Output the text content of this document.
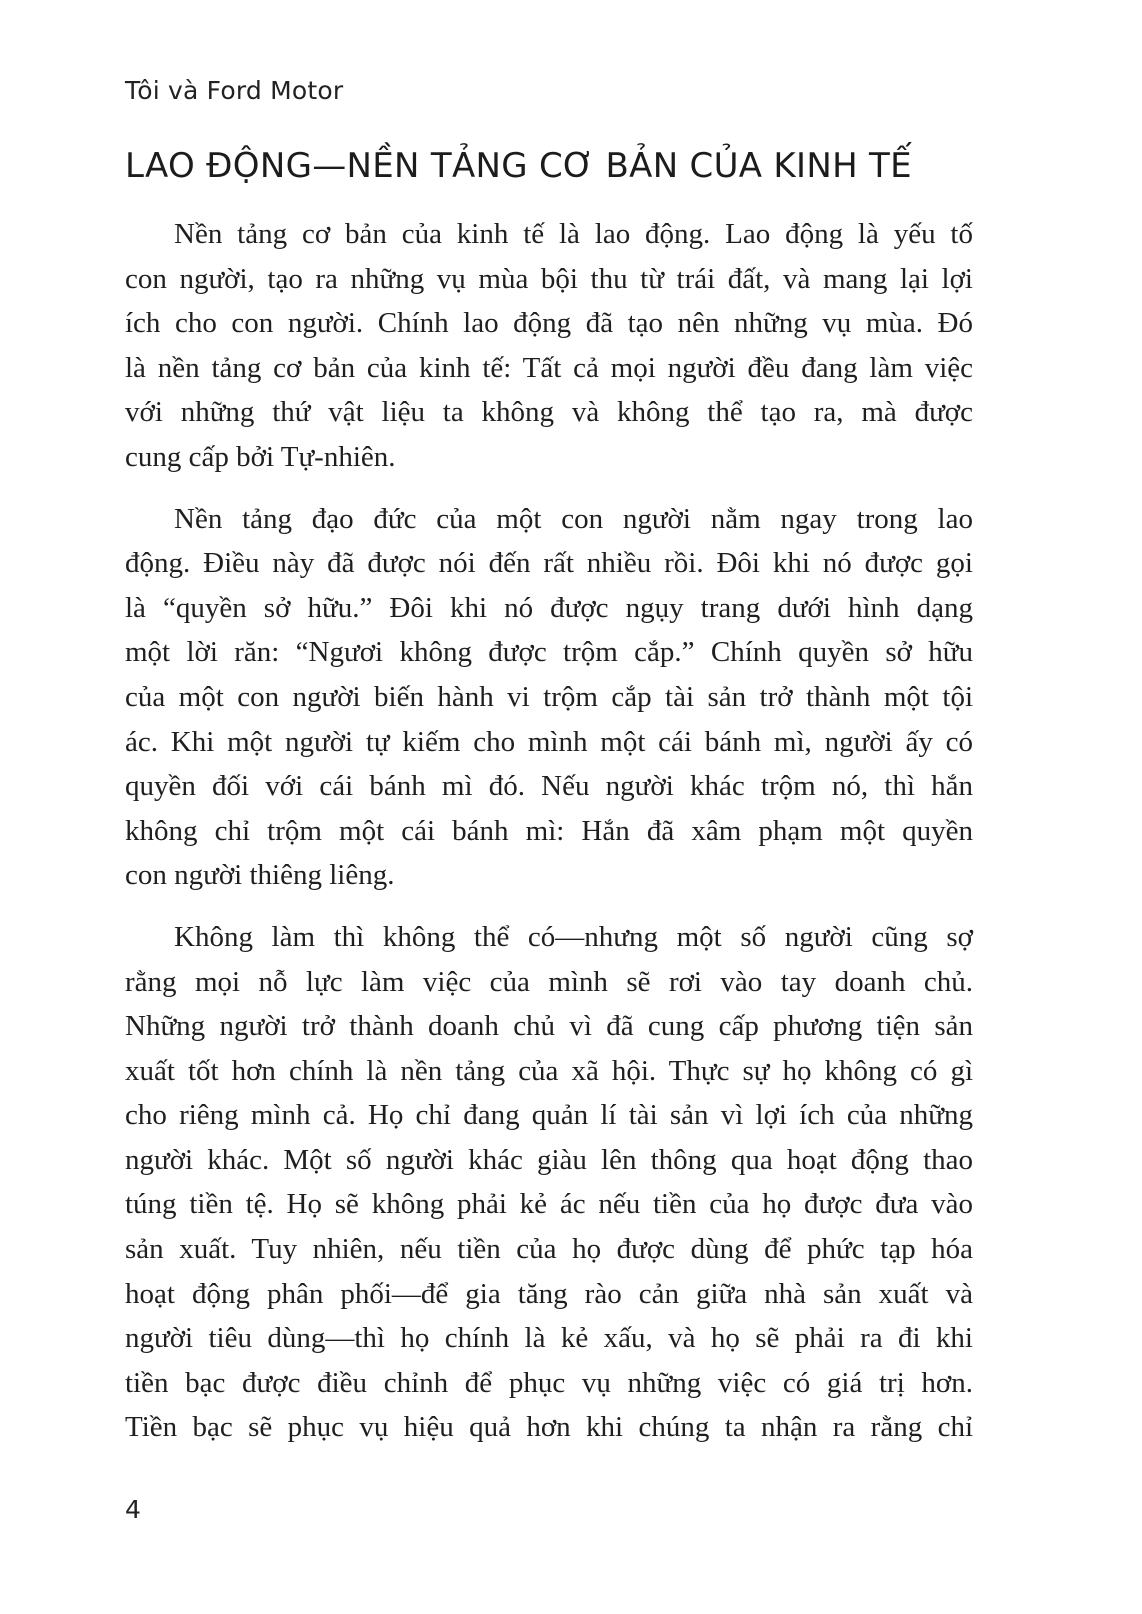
Tôi và Ford Motor
LAO ĐỘNG—NỀN TẢNG CƠ BẢN CỦA KINH TẾ

Nền tảng cơ bản của kinh tế là lao động. Lao động là yếu tố
con người, tạo ra những vụ mùa bội thu từ trái đất, và mang lại lợi
ích cho con người. Chính lao động đã tạo nên những vụ mùa. Đó
là nền tảng cơ bản của kinh tế: Tất cả mọi người đều đang làm việc
với những thứ vật liệu ta không và không thể tạo ra, mà được
cung cấp bởi Tự-nhiên.

Nền tảng đạo đức của một con người nằm ngay trong lao
động. Điều này đã được nói đến rất nhiều rồi. Đôi khi nó được gọi
là “quyền sở hữu.” Đôi khi nó được ngụy trang dưới hình dạng
một lời răn: “Ngươi không được trộm cắp.” Chính quyền sở hữu
của một con người biến hành vi trộm cắp tài sản trở thành một tội
ác. Khi một người tự kiếm cho mình một cái bánh mì, người ấy có
quyền đối với cái bánh mì đó. Nếu người khác trộm nó, thì hắn
không chỉ trộm một cái bánh mì: Hắn đã xâm phạm một quyền
con người thiêng liêng.

Không làm thì không thể có—nhưng một số người cũng sợ
rằng mọi nỗ lực làm việc của mình sẽ rơi vào tay doanh chủ.
Những người trở thành doanh chủ vì đã cung cấp phương tiện sản
xuất tốt hơn chính là nền tảng của xã hội. Thực sự họ không có gì
cho riêng mình cả. Họ chỉ đang quản lí tài sản vì lợi ích của những
người khác. Một số người khác giàu lên thông qua hoạt động thao
túng tiền tệ. Họ sẽ không phải kẻ ác nếu tiền của họ được đưa vào
sản xuất. Tuy nhiên, nếu tiền của họ được dùng để phức tạp hóa
hoạt động phân phối—để gia tăng rào cản giữa nhà sản xuất và
người tiêu dùng—thì họ chính là kẻ xấu, và họ sẽ phải ra đi khi
tiền bạc được điều chỉnh để phục vụ những việc có giá trị hơn.
Tiền bạc sẽ phục vụ hiệu quả hơn khi chúng ta nhận ra rằng chỉ

4
